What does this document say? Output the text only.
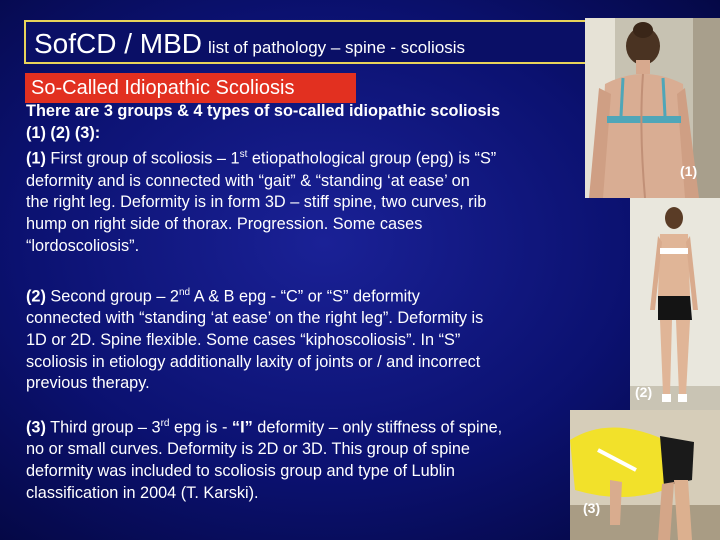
SofCD / MBD list of pathology – spine - scoliosis
So-Called Idiopathic Scoliosis
There are 3 groups & 4 types of so-called idiopathic scoliosis
(1) (2) (3):
(1) First group of scoliosis – 1st etiopathological group (epg) is “S”
deformity and is connected with “gait” & “standing ‘at ease’ on
the right leg. Deformity is in form 3D – stiff spine, two curves, rib
hump on right side of thorax. Progression. Some cases
“lordoscoliosis”.
(2) Second group – 2nd A & B epg - “C” or “S” deformity
connected with “standing ‘at ease’ on the right leg”. Deformity is
1D or 2D. Spine flexible. Some cases “kiphoscoliosis”. In “S”
scoliosis in etiology additionally laxity of joints or / and incorrect
previous therapy.
(3) Third group – 3rd epg is - “I” deformity – only stiffness of spine,
no or small curves. Deformity is 2D or 3D. This group of spine
deformity was included to scoliosis group and type of Lublin
classification in 2004 (T. Karski).
(1)
(2)
(3)
